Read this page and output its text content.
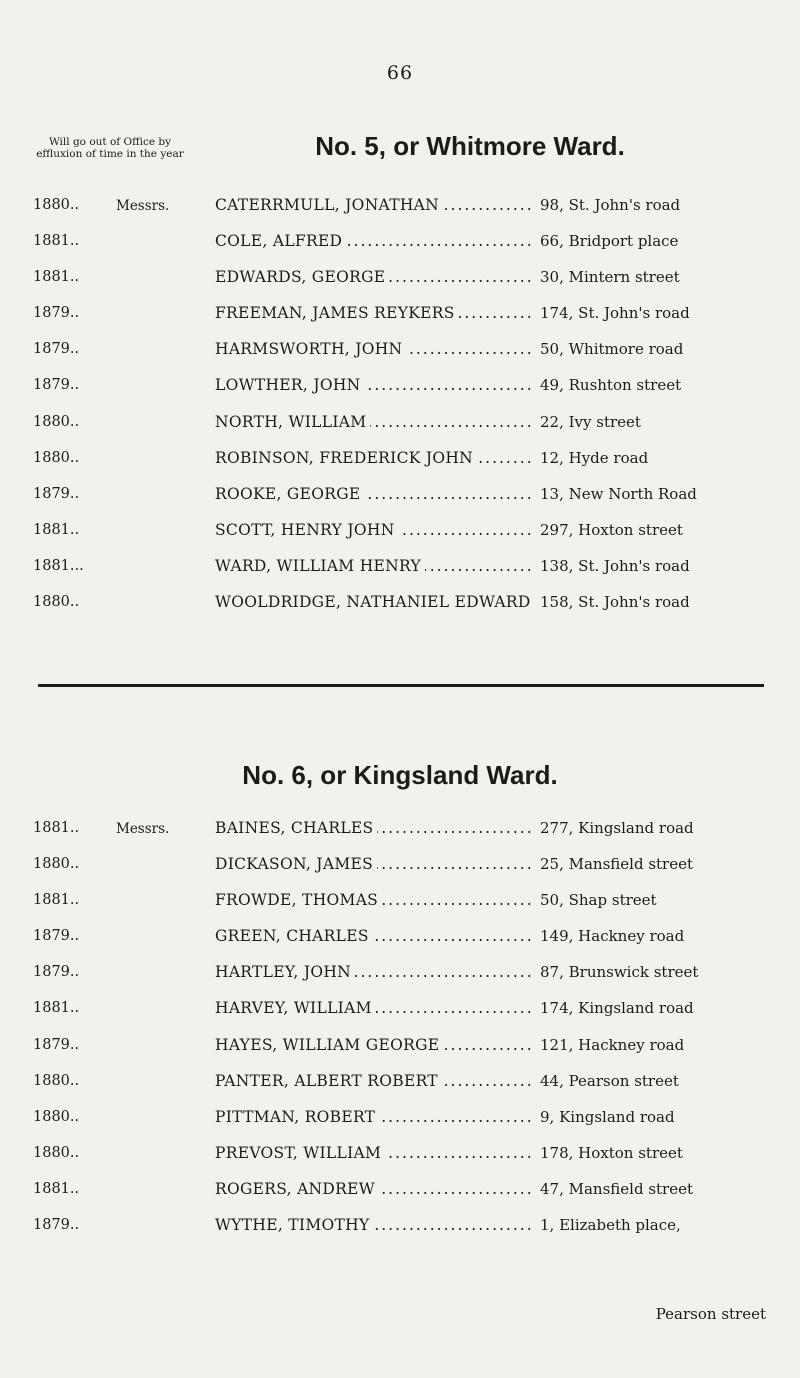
66
Will go out of Office by effluxion of time in the year	No. 5, or Whitmore Ward.
1880..	Messrs.	CATERRMULL, JONATHAN .....	98, St. John's road
1881..	COLE, ALFRED .....	66, Bridport place
1881..	EDWARDS, GEORGE .....	30, Mintern street
1879..	FREEMAN, JAMES REYKERS .....	174, St. John's road
1879..	HARMSWORTH, JOHN .....	50, Whitmore road
1879..	LOWTHER, JOHN .....	49, Rushton street
1880..	NORTH, WILLIAM .....	22, Ivy street
1880..	ROBINSON, FREDERICK JOHN .....	12, Hyde road
1879..	ROOKE, GEORGE .....	13, New North Road
1881..	SCOTT, HENRY JOHN .....	297, Hoxton street
1881...	WARD, WILLIAM HENRY .....	138, St. John's road
1880..	WOOLDRIDGE, NATHANIEL EDWARD ..... 158, St. John's road
No. 6, or Kingsland Ward.
1881..	Messrs.	BAINES, CHARLES .....	277, Kingsland road
1880..	DICKASON, JAMES .....	25, Mansfield street
1881..	FROWDE, THOMAS .....	50, Shap street
1879..	GREEN, CHARLES .....	149, Hackney road
1879..	HARTLEY, JOHN .....	87, Brunswick street
1881..	HARVEY, WILLIAM .....	174, Kingsland road
1879..	HAYES, WILLIAM GEORGE .....	121, Hackney road
1880..	PANTER, ALBERT ROBERT .....	44, Pearson street
1880..	PITTMAN, ROBERT .....	9, Kingsland road
1880..	PREVOST, WILLIAM .....	178, Hoxton street
1881..	ROGERS, ANDREW .....	47, Mansfield street
1879..	WYTHE, TIMOTHY .....	1, Elizabeth place,
Pearson street
